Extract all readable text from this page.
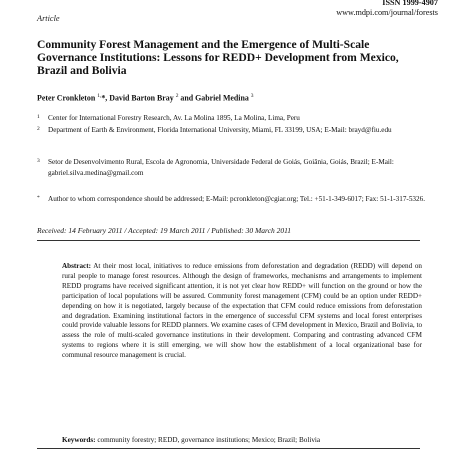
ISSN 1999-4907
www.mdpi.com/journal/forests
Article
Community Forest Management and the Emergence of Multi-Scale Governance Institutions: Lessons for REDD+ Development from Mexico, Brazil and Bolivia
Peter Cronkleton $^{1,}$*, David Barton Bray $^2$ and Gabriel Medina $^3$
1 Center for International Forestry Research, Av. La Molina 1895, La Molina, Lima, Peru
2 Department of Earth & Environment, Florida International University, Miami, FL 33199, USA; E-Mail: brayd@fiu.edu
3 Setor de Desenvolvimento Rural, Escola de Agronomia, Universidade Federal de Goiás, Goiânia, Goiás, Brazil; E-Mail: gabriel.silva.medina@gmail.com
* Author to whom correspondence should be addressed; E-Mail: pcronkleton@cgiar.org; Tel.: +51-1-349-6017; Fax: 51-1-317-5326.
Received: 14 February 2011 / Accepted: 19 March 2011 / Published: 30 March 2011
Abstract: At their most local, initiatives to reduce emissions from deforestation and degradation (REDD) will depend on rural people to manage forest resources. Although the design of frameworks, mechanisms and arrangements to implement REDD programs have received significant attention, it is not yet clear how REDD+ will function on the ground or how the participation of local populations will be assured. Community forest management (CFM) could be an option under REDD+ depending on how it is negotiated, largely because of the expectation that CFM could reduce emissions from deforestation and degradation. Examining institutional factors in the emergence of successful CFM systems and local forest enterprises could provide valuable lessons for REDD planners. We examine cases of CFM development in Mexico, Brazil and Bolivia, to assess the role of multi-scaled governance institutions in their development. Comparing and contrasting advanced CFM systems to regions where it is still emerging, we will show how the establishment of a local organizational base for communal resource management is crucial.
Keywords: community forestry; REDD, governance institutions; Mexico; Brazil; Bolivia
